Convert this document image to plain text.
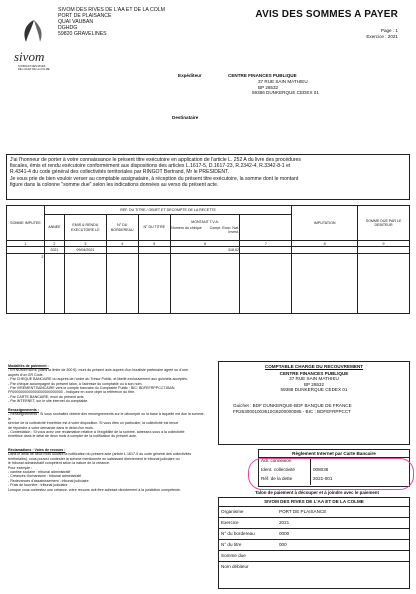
SIVOM DES RIVES DE L'AA ET DE LA COLM
PORT DE PLAISANCE
QUAI VAUBAN
DGHDG
59820 GRAVELINES
sivom
SYNDICAT DES RIVES
DE L'AA ET DE LA COLME
AVIS DES SOMMES A PAYER
Page : 1
Exercice : 2021
Expéditeur	CENTRE FINANCES PUBLIQUE
37 RUE SAIN MATHIEU
BP 26532
59386 DUNKERQUE CEDEX 01
Destinataire
J'ai l'honneur de porter à votre connaissance le présent titre exécutoire en application de l'article L. 252 A du livre des procédures
fiscales, émis et rendu exécutoire conformément aux dispositions des articles L.1617-5, D.1617-23, R.2342-4, R.3342-8-1 et
R.4341-4 du code général des collectivités territoriales par RINGOT Bertrand, Mr le PRESIDENT.
Je vous prie de bien vouloir verser au comptable assignataire, à réception du présent titre exécutoire, la somme dont le montant
figure dans la colonne "somme due" selon les indications données au verso du présent acte.
SOMME IMPUTEE	REF. DU TITRE / OBJET ET DECOMPTE DE LA RECETTE						IMPUTATION	SOMME DUE PAR LE DEBITEUR
	ANNEE	EMIS & RENDU EXECUTOIRE LE	N° DU BORDEREAU	N° DU TITRE	MONTANT T.V.A.
Numéro du chèque Compt. Econ. Nat.
Invest.			

1	2	3	4	5	6	7	8	9
	2021	09/04/2021			318,62			
2								
Modalités de paiement :
- En NUMERAIRE (dans la limite de 300 €), muni du présent avis auprès d'un buraliste partenaire agréé ou d'une
auprès d'un GR Code.
- Par CHEQUE BANCAIRE ou auprès de l'ordre du Trésor Public, et libellé exclusivement aux guichets acceptés.
- Par chèque accompagné du présent talon, à l'adresse du comptable ou à son nom.
- Par VIREMENT BANCAIRE vers le compte bancaire du Comptable Public : BIC: BDFEFRPPCCT.IBAN
FR0000000000000000000000000 - Indiquez en zone objet la référence du titre.
- Par CARTE BANCAIRE, muni du présent avis.
- Par INTERNET, sur le site internet du comptable.
Renseignements :
- Renseignements : Si vous souhaitez obtenir des renseignements sur le décompte ou la base à laquelle est due la somme, le
service de la collectivité émettrice est à votre disposition. Si vous êtes un particulier, la collectivité est tenue
de répondre à votre demande dans le délai d'un mois.
- Contestation : Si vous avez une réclamation relative à l'exigibilité de la somme, adressez-vous à la collectivité
émettrice dans le délai de deux mois à compter de la notification du présent acte.
Réclamations : Voies de recours :
Dans le délai de deux mois suivant la notification du présent acte (article L.1617-5 du code général des collectivités
territoriales), vous pouvez contester la somme mentionnée en saisissant directement le tribunal judiciaire ou
le tribunal administratif compétent selon la nature de la créance.
Pour exemple :
- cantine scolaire : tribunal administratif
- Créances d'urbanisme : tribunal administratif
- Redevances d'assainissement : tribunal judiciaire
- Frais de fourrière : tribunal judiciaire
Lorsque vous contestez une créance, votre recours doit être adressé directement à la juridiction compétente.
COMPTABLE CHARGE DU RECOUVREMENT
CENTRE FINANCES PUBLIQUE
37 RUE SAIN MATHIEU
BP 26532
59386 DUNKERQUE CEDEX 01
Guichet : BDF DUNKERQUE-BDF BANQUE DE FRANCE
FR2630001003610G9200000085 - BIC : BDFEFRPPCCT
Règlement Internet par Carte Bancaire
Adr. connexion
Ident. collectivité	008036
Réf. de la dette	2021-001
Talon de paiement à découper et à joindre avec le paiement
SIVOM DES RIVES DE L'AA ET DE LA COLME
Organisme	PORT DE PLAISANCE
Exercice	2021
N° du bordereau	0000
N° du titre	000
Somme due
Nom débiteur
